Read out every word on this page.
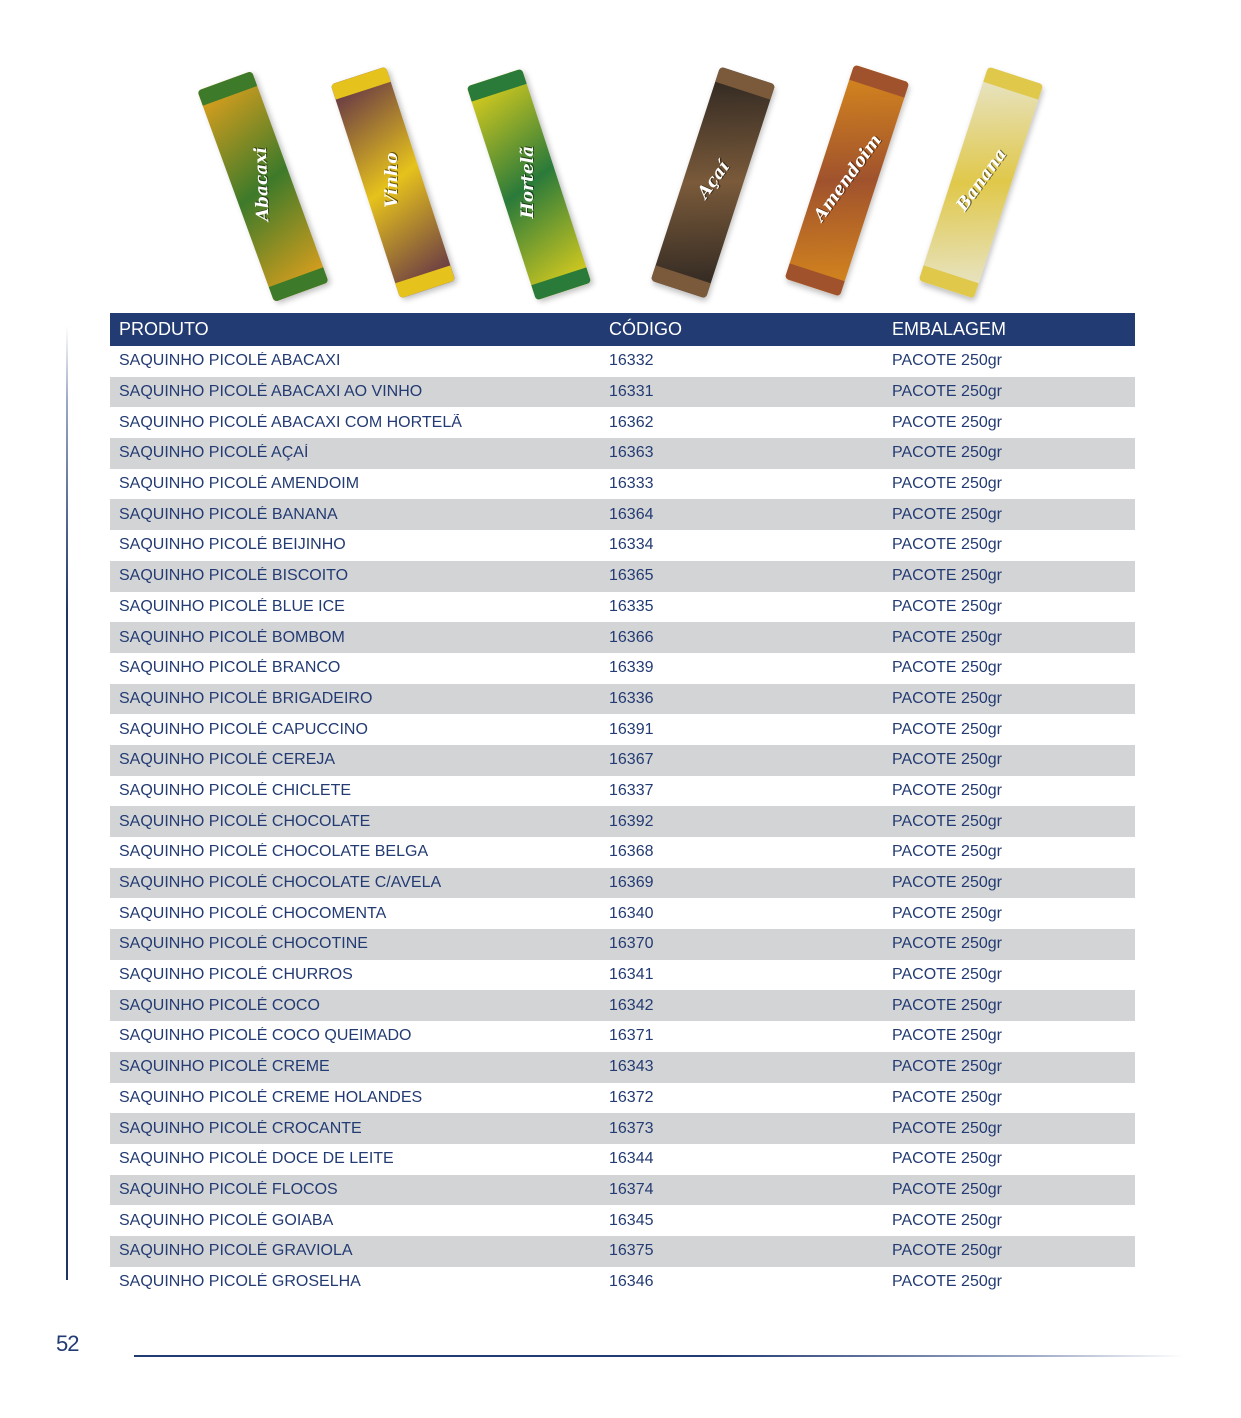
Abacaxi	Vinho	Hortelã	Açaí	Amendoim	Banana
PRODUTO	CÓDIGO	EMBALAGEM
SAQUINHO PICOLÉ ABACAXI	16332	PACOTE 250gr
SAQUINHO PICOLÉ ABACAXI AO VINHO	16331	PACOTE 250gr
SAQUINHO PICOLÉ ABACAXI COM HORTELÃ	16362	PACOTE 250gr
SAQUINHO PICOLÉ AÇAÍ	16363	PACOTE 250gr
SAQUINHO PICOLÉ AMENDOIM	16333	PACOTE 250gr
SAQUINHO PICOLÉ BANANA	16364	PACOTE 250gr
SAQUINHO PICOLÉ BEIJINHO	16334	PACOTE 250gr
SAQUINHO PICOLÉ BISCOITO	16365	PACOTE 250gr
SAQUINHO PICOLÉ BLUE ICE	16335	PACOTE 250gr
SAQUINHO PICOLÉ BOMBOM	16366	PACOTE 250gr
SAQUINHO PICOLÉ BRANCO	16339	PACOTE 250gr
SAQUINHO PICOLÉ BRIGADEIRO	16336	PACOTE 250gr
SAQUINHO PICOLÉ CAPUCCINO	16391	PACOTE 250gr
SAQUINHO PICOLÉ CEREJA	16367	PACOTE 250gr
SAQUINHO PICOLÉ CHICLETE	16337	PACOTE 250gr
SAQUINHO PICOLÉ CHOCOLATE	16392	PACOTE 250gr
SAQUINHO PICOLÉ CHOCOLATE BELGA	16368	PACOTE 250gr
SAQUINHO PICOLÉ CHOCOLATE C/AVELA	16369	PACOTE 250gr
SAQUINHO PICOLÉ CHOCOMENTA	16340	PACOTE 250gr
SAQUINHO PICOLÉ CHOCOTINE	16370	PACOTE 250gr
SAQUINHO PICOLÉ CHURROS	16341	PACOTE 250gr
SAQUINHO PICOLÉ COCO	16342	PACOTE 250gr
SAQUINHO PICOLÉ COCO QUEIMADO	16371	PACOTE 250gr
SAQUINHO PICOLÉ CREME	16343	PACOTE 250gr
SAQUINHO PICOLÉ CREME HOLANDES	16372	PACOTE 250gr
SAQUINHO PICOLÉ CROCANTE	16373	PACOTE 250gr
SAQUINHO PICOLÉ DOCE DE LEITE	16344	PACOTE 250gr
SAQUINHO PICOLÉ FLOCOS	16374	PACOTE 250gr
SAQUINHO PICOLÉ GOIABA	16345	PACOTE 250gr
SAQUINHO PICOLÉ GRAVIOLA	16375	PACOTE 250gr
SAQUINHO PICOLÉ GROSELHA	16346	PACOTE 250gr
52
